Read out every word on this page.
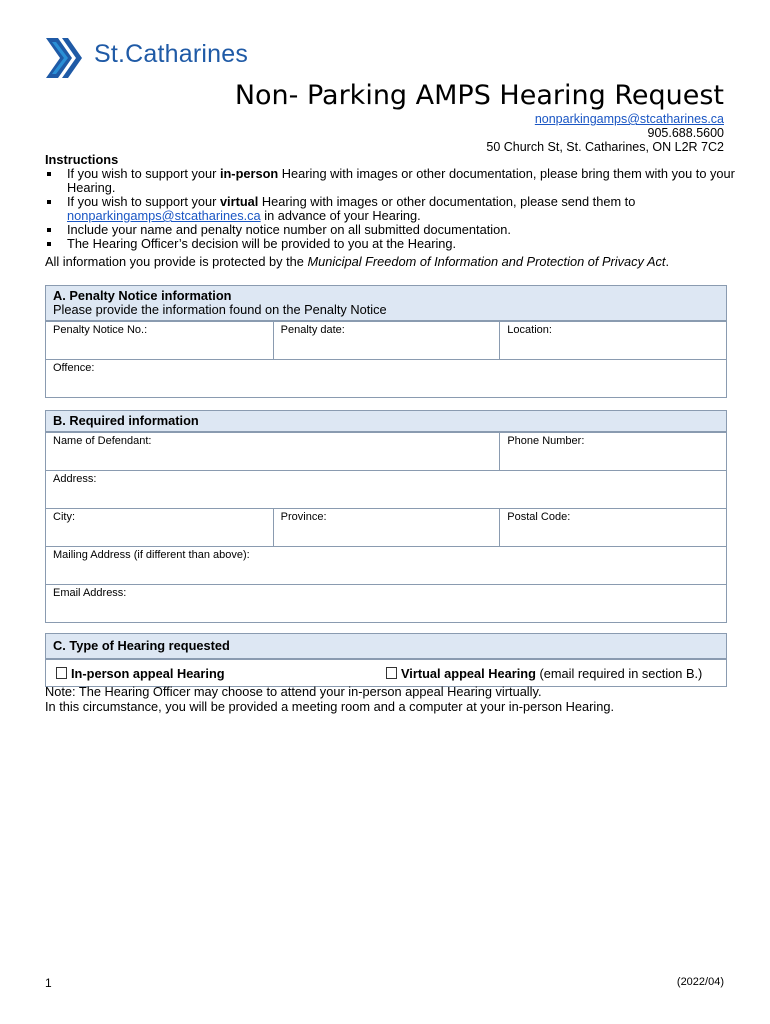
St.Catharines
Non- Parking AMPS Hearing Request
nonparkingamps@stcatharines.ca
905.688.5600
50 Church St, St. Catharines, ON L2R 7C2
Instructions
If you wish to support your in-person Hearing with images or other documentation, please bring them with you to your Hearing.
If you wish to support your virtual Hearing with images or other documentation, please send them to nonparkingamps@stcatharines.ca in advance of your Hearing.
Include your name and penalty notice number on all submitted documentation.
The Hearing Officer’s decision will be provided to you at the Hearing.
All information you provide is protected by the Municipal Freedom of Information and Protection of Privacy Act.
A. Penalty Notice information
Please provide the information found on the Penalty Notice
Penalty Notice No.:	Penalty date:	Location:
Offence:
B. Required information
Name of Defendant:	Phone Number:
Address:
City:	Province:	Postal Code:
Mailing Address (if different than above):
Email Address:
C. Type of Hearing requested
In-person appeal Hearing	Virtual appeal Hearing (email required in section B.)
Note: The Hearing Officer may choose to attend your in-person appeal Hearing virtually.
In this circumstance, you will be provided a meeting room and a computer at your in-person Hearing.
1	(2022/04)
